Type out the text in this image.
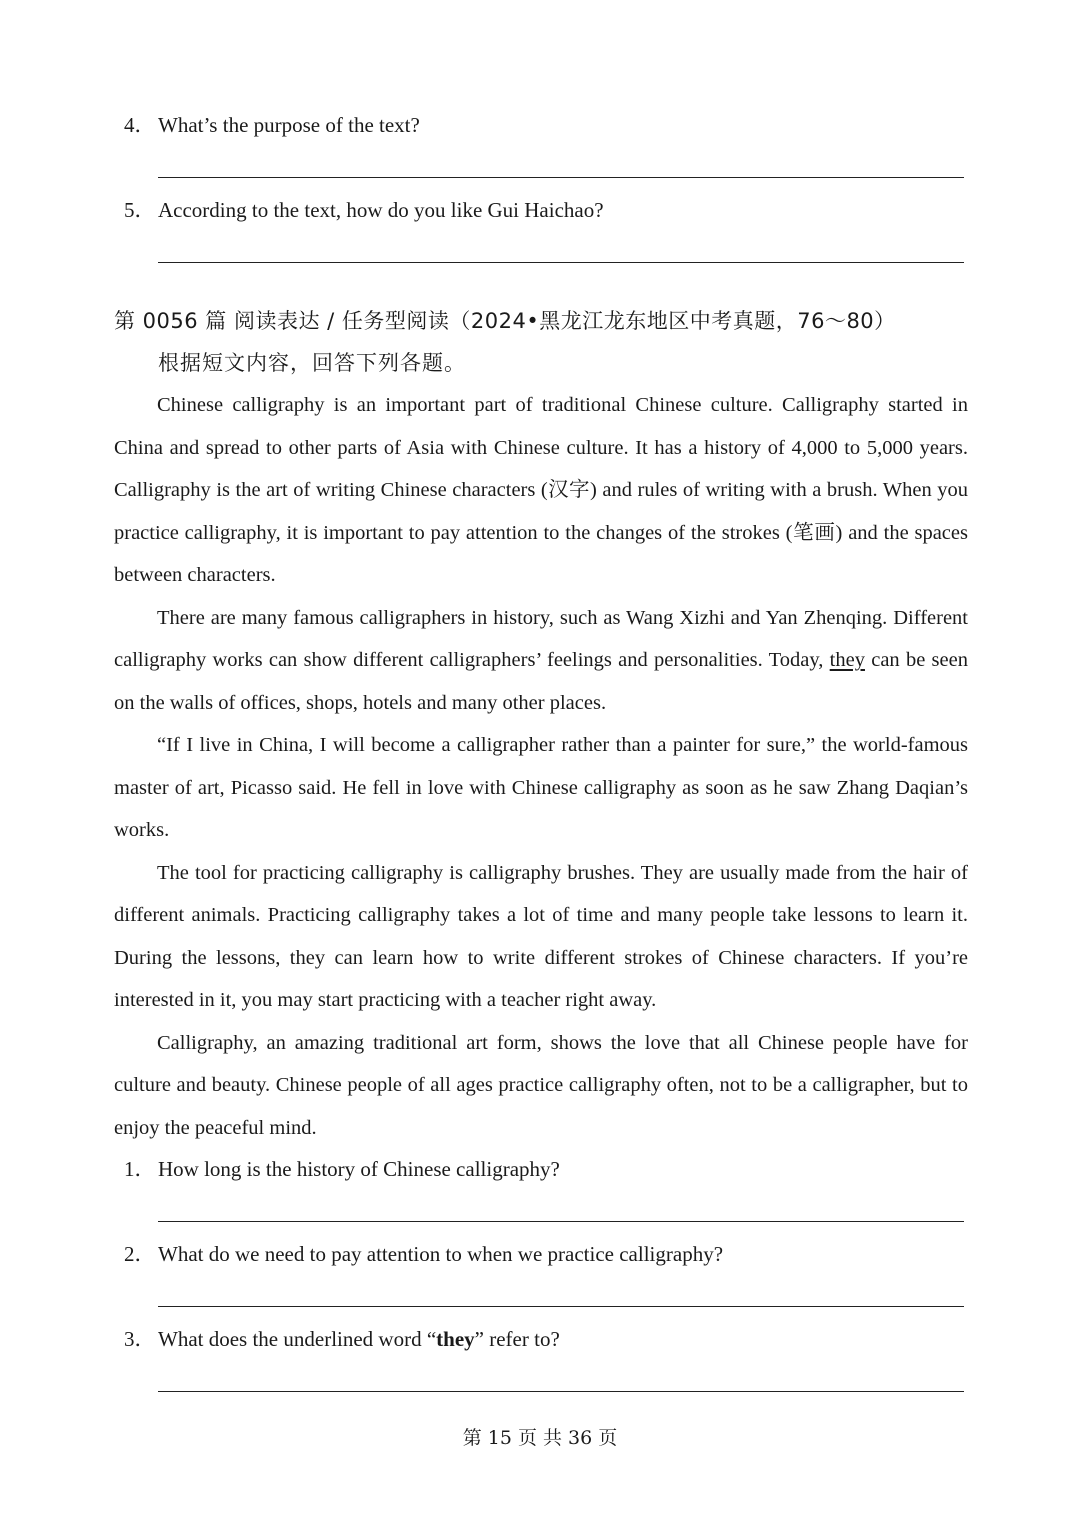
4． What’s the purpose of the text?
5． According to the text, how do you like Gui Haichao?
第 0056 篇 阅读表达 / 任务型阅读（2024•黑龙江龙东地区中考真题，76～80）
根据短文内容，回答下列各题。

Chinese calligraphy is an important part of traditional Chinese culture. Calligraphy started in China and spread to other parts of Asia with Chinese culture. It has a history of 4,000 to 5,000 years. Calligraphy is the art of writing Chinese characters (汉字) and rules of writing with a brush. When you practice calligraphy, it is important to pay attention to the changes of the strokes (笔画) and the spaces between characters.

There are many famous calligraphers in history, such as Wang Xizhi and Yan Zhenqing. Different calligraphy works can show different calligraphers’ feelings and personalities. Today, they can be seen on the walls of offices, shops, hotels and many other places.

“If I live in China, I will become a calligrapher rather than a painter for sure,” the world-famous master of art, Picasso said. He fell in love with Chinese calligraphy as soon as he saw Zhang Daqian’s works.

The tool for practicing calligraphy is calligraphy brushes. They are usually made from the hair of different animals. Practicing calligraphy takes a lot of time and many people take lessons to learn it. During the lessons, they can learn how to write different strokes of Chinese characters. If you’re interested in it, you may start practicing with a teacher right away.

Calligraphy, an amazing traditional art form, shows the love that all Chinese people have for culture and beauty. Chinese people of all ages practice calligraphy often, not to be a calligrapher, but to enjoy the peaceful mind.

1． How long is the history of Chinese calligraphy?
2． What do we need to pay attention to when we practice calligraphy?
3． What does the underlined word “they” refer to?
第 15 页 共 36 页
